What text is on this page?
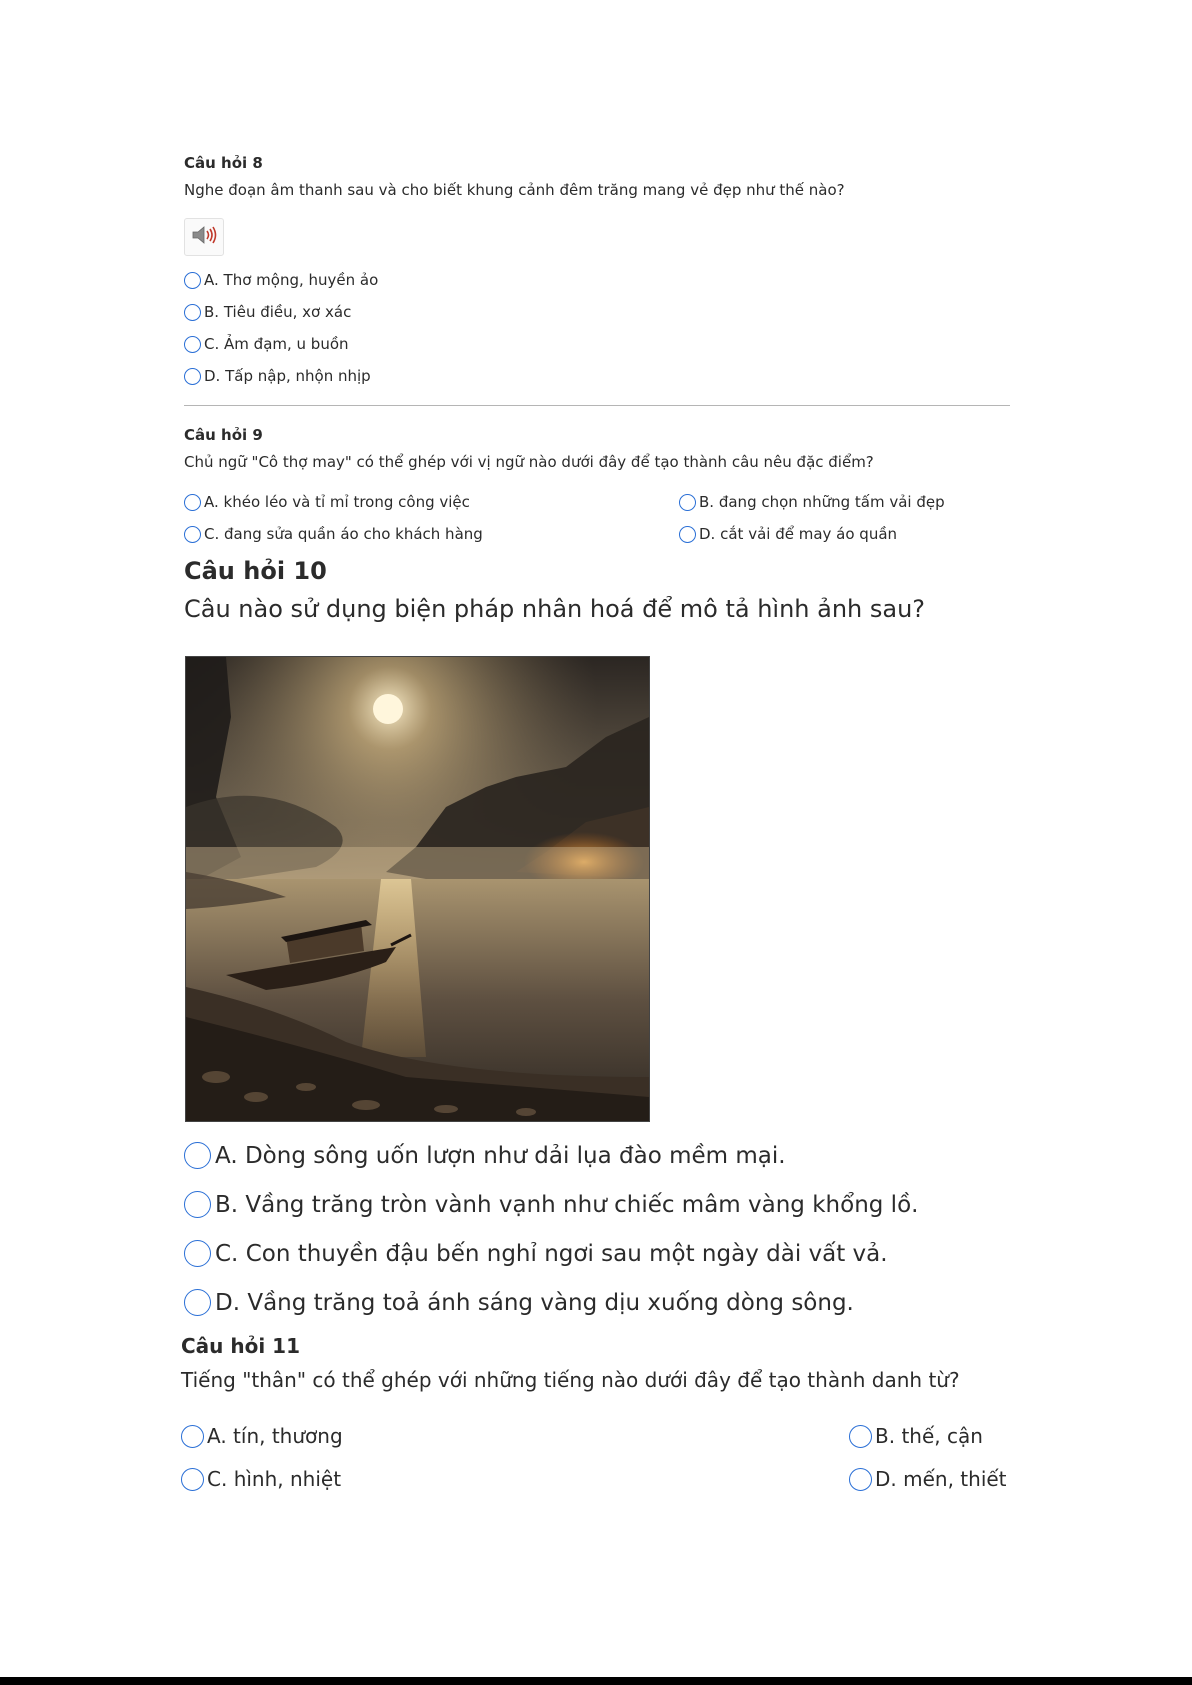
Câu hỏi 8

Nghe đoạn âm thanh sau và cho biết khung cảnh đêm trăng mang vẻ đẹp như thế nào?

A.
Thơ mộng, huyền ảo
B.
Tiêu điều, xơ xác
C.
Ảm đạm, u buồn
D.
Tấp nập, nhộn nhịp

Câu hỏi 9

Chủ ngữ "Cô thợ may" có thể ghép với vị ngữ nào dưới đây để tạo thành câu nêu đặc điểm?

A.
khéo léo và tỉ mỉ trong công việc	B.
đang chọn những tấm vải đẹp
C.
đang sửa quần áo cho khách hàng	D.
cắt vải để may áo quần

Câu hỏi 10

Câu nào sử dụng biện pháp nhân hoá để mô tả hình ảnh sau?

A.
Dòng sông uốn lượn như dải lụa đào mềm mại.
B.
Vầng trăng tròn vành vạnh như chiếc mâm vàng khổng lồ.
C.
Con thuyền đậu bến nghỉ ngơi sau một ngày dài vất vả.
D.
Vầng trăng toả ánh sáng vàng dịu xuống dòng sông.

Câu hỏi 11

Tiếng "thân" có thể ghép với những tiếng nào dưới đây để tạo thành danh từ?

A.
tín, thương	B.
thế, cận
C.
hình, nhiệt	D.
mến, thiết
